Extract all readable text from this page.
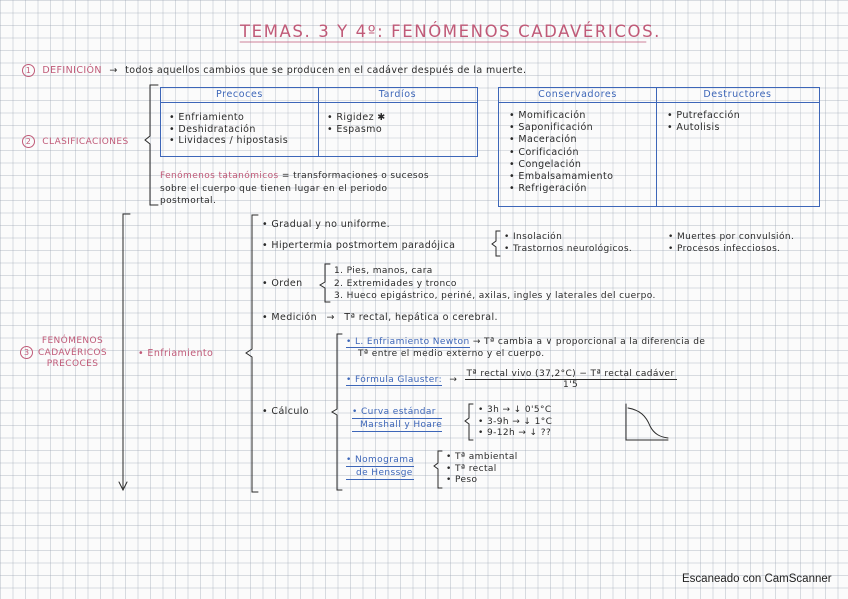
TEMAS. 3 Y 4º: FENÓMENOS CADAVÉRICOS.
1 DEFINICIÓN → todos aquellos cambios que se producen en el cadáver después de la muerte.
2 CLASIFICACIONES
Precoces	Tardíos
• Enfriamiento
• Deshidratación
• Lividaces / hipostasis
• Rigidez ✱
• Espasmo
Conservadores	Destructores
• Momificación
• Saponificación
• Maceración
• Corificación
• Congelación
• Embalsamamiento
• Refrigeración
• Putrefacción
• Autolisis
Fenómenos tatanómicos = transformaciones o sucesos
sobre el cuerpo que tienen lugar en el periodo
postmortal.
3
FENÓMENOS
CADAVÉRICOS
PRECOCES
• Enfriamiento
• Gradual y no uniforme.
• Hipertermia postmortem paradójica
• Insolación
• Trastornos neurológicos.
• Muertes por convulsión.
• Procesos infecciosos.
• Orden
1. Pies, manos, cara
2. Extremidades y tronco
3. Hueco epigástrico, periné, axilas, ingles y laterales del cuerpo.
• Medición → Tª rectal, hepática o cerebral.
• Cálculo
• L. Enfriamiento Newton → Tª cambia a ∨ proporcional a la diferencia de
Tª entre el medio externo y el cuerpo.
• Fórmula Glauster: → $\frac{\text{Tª rectal vivo (37,2°C) − Tª rectal cadáver}}{1'5}$
• Curva estándar
Marshall y Hoare
• 3h → ↓ 0'5°C
• 3-9h → ↓ 1°C
• 9-12h → ↓ ??
• Nomograma
de Henssge
• Tª ambiental
• Tª rectal
• Peso
Escaneado con CamScanner
